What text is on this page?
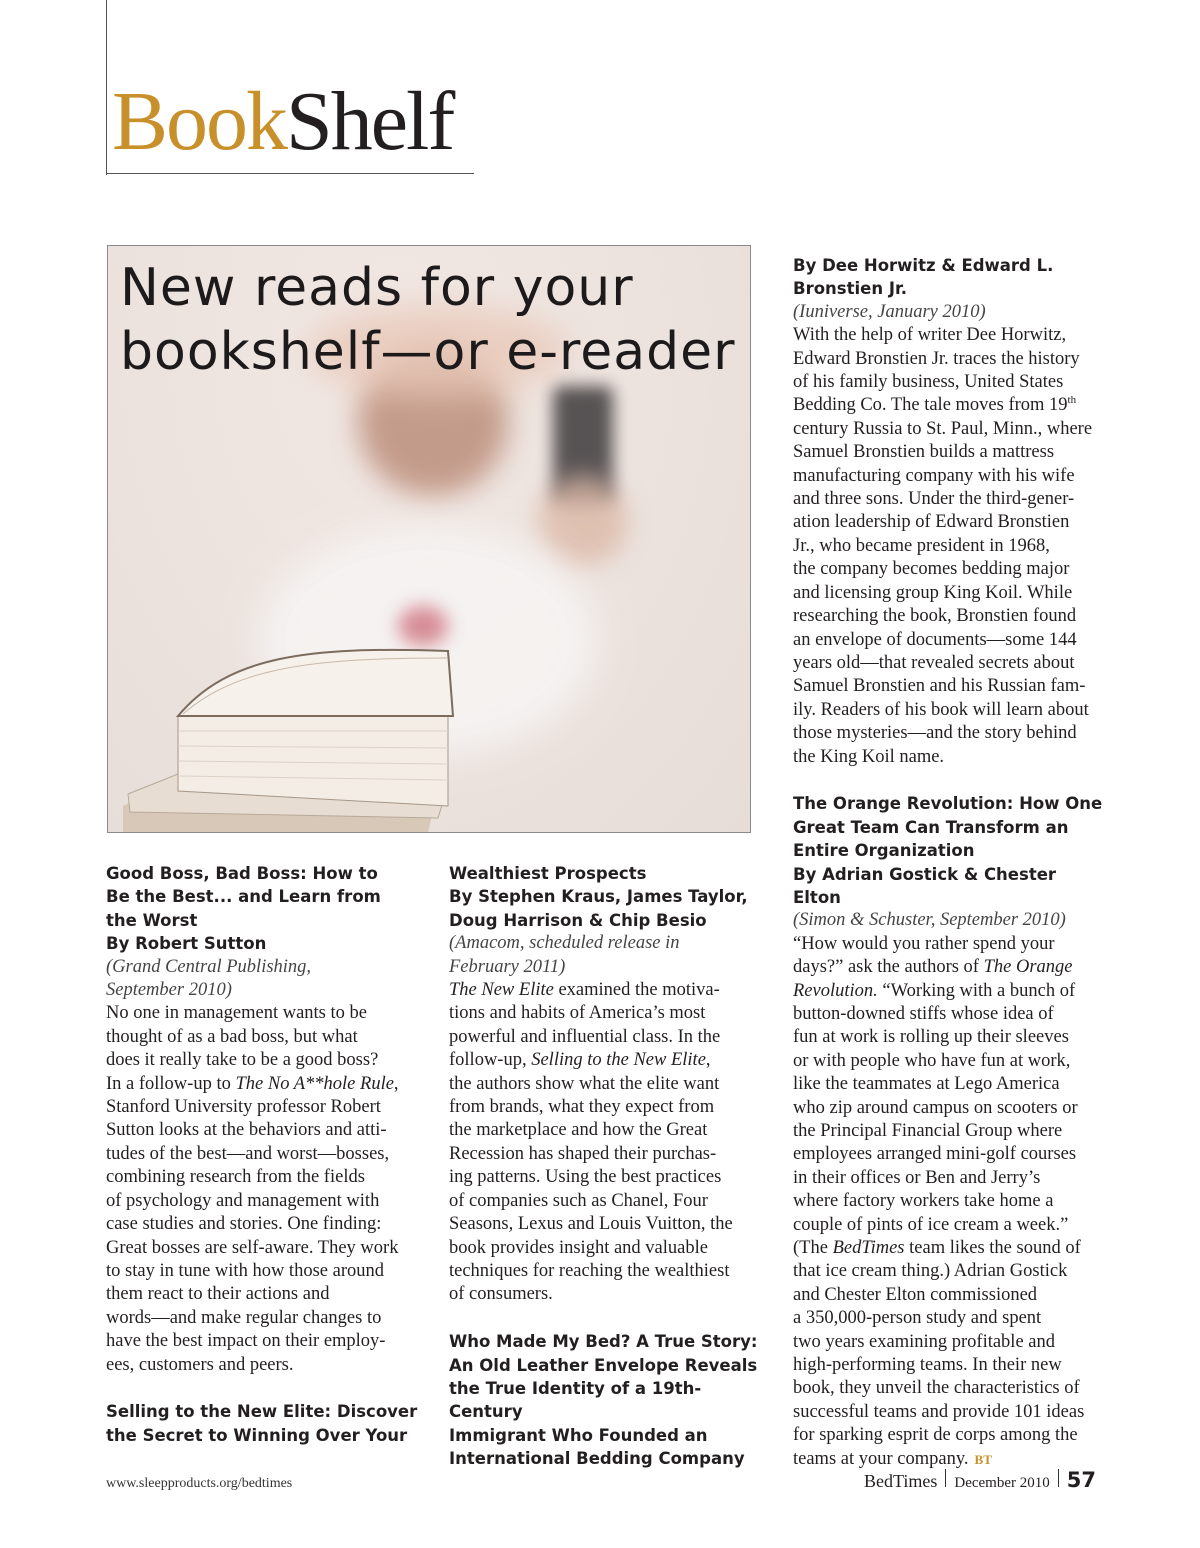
BookShelf
New reads for your
bookshelf—or e-reader
Good Boss, Bad Boss: How to
Be the Best... and Learn from
the Worst
By Robert Sutton
(Grand Central Publishing,
September 2010)
No one in management wants to be
thought of as a bad boss, but what
does it really take to be a good boss?
In a follow-up to The No A**hole Rule,
Stanford University professor Robert
Sutton looks at the behaviors and atti-
tudes of the best—and worst—bosses,
combining research from the fields
of psychology and management with
case studies and stories. One finding:
Great bosses are self-aware. They work
to stay in tune with how those around
them react to their actions and
words—and make regular changes to
have the best impact on their employ-
ees, customers and peers.
Selling to the New Elite: Discover
the Secret to Winning Over Your
Wealthiest Prospects
By Stephen Kraus, James Taylor,
Doug Harrison & Chip Besio
(Amacom, scheduled release in
February 2011)
The New Elite examined the motiva-
tions and habits of America’s most
powerful and influential class. In the
follow-up, Selling to the New Elite,
the authors show what the elite want
from brands, what they expect from
the marketplace and how the Great
Recession has shaped their purchas-
ing patterns. Using the best practices
of companies such as Chanel, Four
Seasons, Lexus and Louis Vuitton, the
book provides insight and valuable
techniques for reaching the wealthiest
of consumers.
Who Made My Bed? A True Story:
An Old Leather Envelope Reveals
the True Identity of a 19th-Century
Immigrant Who Founded an
International Bedding Company
By Dee Horwitz & Edward L.
Bronstien Jr.
(Iuniverse, January 2010)
With the help of writer Dee Horwitz,
Edward Bronstien Jr. traces the history
of his family business, United States
Bedding Co. The tale moves from 19th
century Russia to St. Paul, Minn., where
Samuel Bronstien builds a mattress
manufacturing company with his wife
and three sons. Under the third-gener-
ation leadership of Edward Bronstien
Jr., who became president in 1968,
the company becomes bedding major
and licensing group King Koil. While
researching the book, Bronstien found
an envelope of documents—some 144
years old—that revealed secrets about
Samuel Bronstien and his Russian fam-
ily. Readers of his book will learn about
those mysteries—and the story behind
the King Koil name.
The Orange Revolution: How One
Great Team Can Transform an
Entire Organization
By Adrian Gostick & Chester Elton
(Simon & Schuster, September 2010)
“How would you rather spend your
days?” ask the authors of The Orange
Revolution. “Working with a bunch of
button-downed stiffs whose idea of
fun at work is rolling up their sleeves
or with people who have fun at work,
like the teammates at Lego America
who zip around campus on scooters or
the Principal Financial Group where
employees arranged mini-golf courses
in their offices or Ben and Jerry’s
where factory workers take home a
couple of pints of ice cream a week.”
(The BedTimes team likes the sound of
that ice cream thing.) Adrian Gostick
and Chester Elton commissioned
a 350,000-person study and spent
two years examining profitable and
high-performing teams. In their new
book, they unveil the characteristics of
successful teams and provide 101 ideas
for sparking esprit de corps among the
teams at your company. BT
www.sleepproducts.org/bedtimes	BedTimes December 2010 57
